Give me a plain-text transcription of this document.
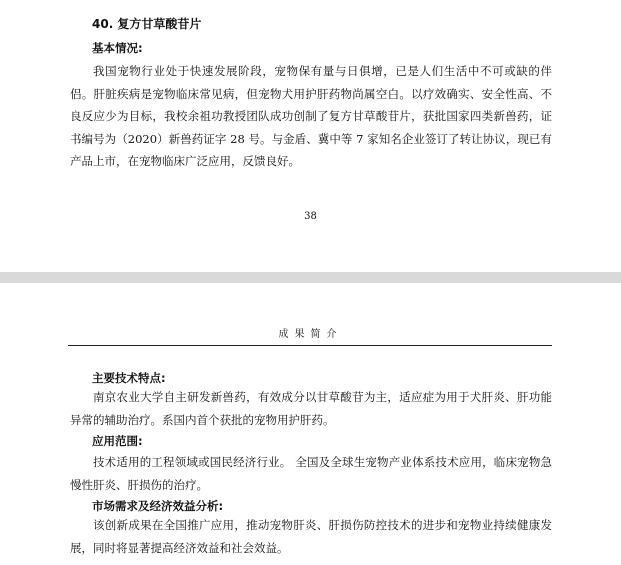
40. 复方甘草酸苷片
基本情况:

我国宠物行业处于快速发展阶段，宠物保有量与日俱增，已是人们生活中不可或缺的伴侣。肝脏疾病是宠物临床常见病，但宠物犬用护肝药物尚属空白。以疗效确实、安全性高、不良反应少为目标，我校余祖功教授团队成功创制了复方甘草酸苷片，获批国家四类新兽药，证书编号为（2020）新兽药证字 28 号。与金盾、冀中等 7 家知名企业签订了转让协议，现已有产品上市，在宠物临床广泛应用，反馈良好。

38
成果简介
主要技术特点:

南京农业大学自主研发新兽药，有效成分以甘草酸苷为主，适应症为用于犬肝炎、肝功能异常的辅助治疗。系国内首个获批的宠物用护肝药。

应用范围:

技术适用的工程领域或国民经济行业。 全国及全球生宠物产业体系技术应用，临床宠物急慢性肝炎、肝损伤的治疗。

市场需求及经济效益分析:

该创新成果在全国推广应用，推动宠物肝炎、肝损伤防控技术的进步和宠物业持续健康发展，同时将显著提高经济效益和社会效益。
